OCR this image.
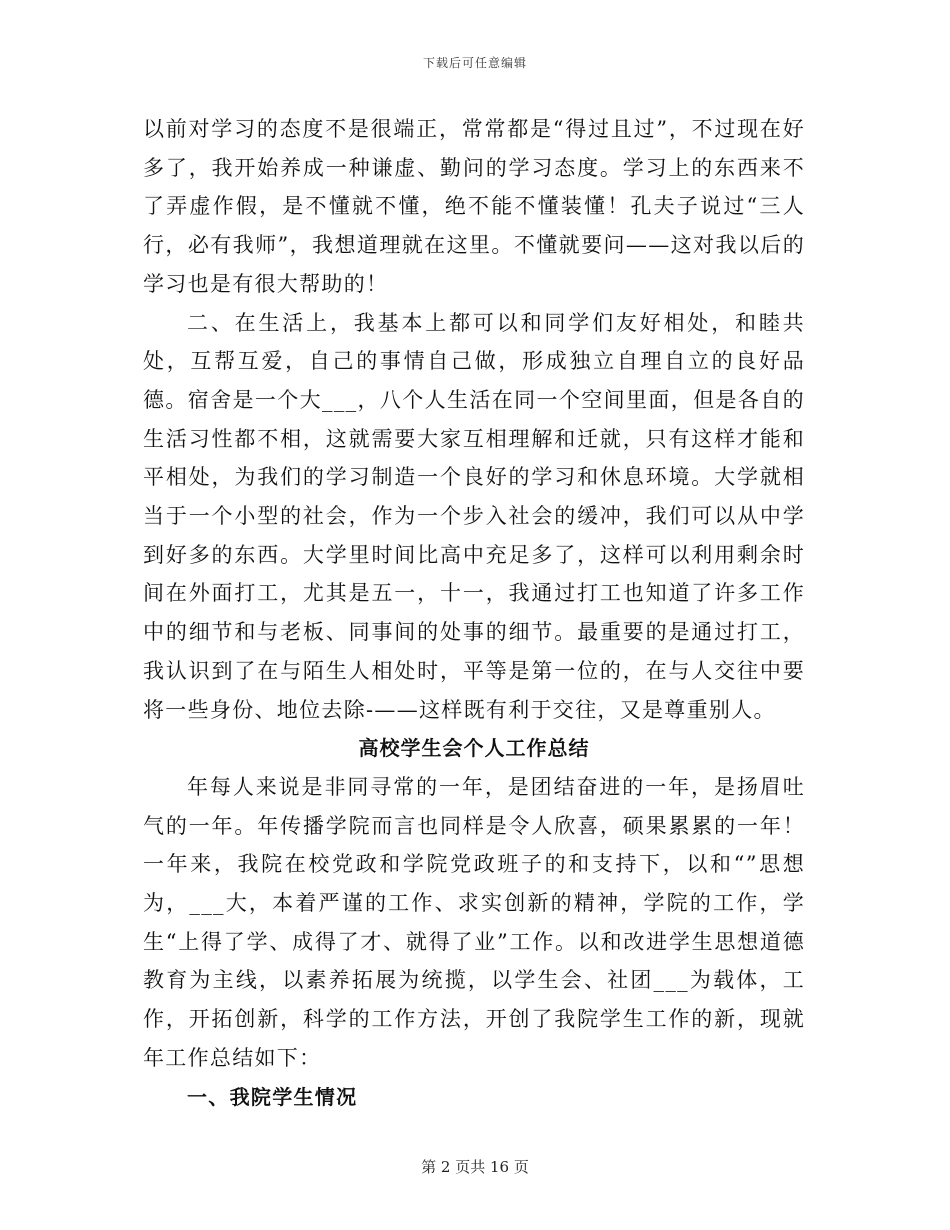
下载后可任意编辑

以前对学习的态度不是很端正，常常都是“得过且过”，不过现在好多了，我开始养成一种谦虚、勤问的学习态度。学习上的东西来不了弄虚作假，是不懂就不懂，绝不能不懂装懂！孔夫子说过“三人行，必有我师”，我想道理就在这里。不懂就要问——这对我以后的学习也是有很大帮助的！

二、在生活上，我基本上都可以和同学们友好相处，和睦共处，互帮互爱，自己的事情自己做，形成独立自理自立的良好品德。宿舍是一个大___，八个人生活在同一个空间里面，但是各自的生活习性都不相，这就需要大家互相理解和迁就，只有这样才能和平相处，为我们的学习制造一个良好的学习和休息环境。大学就相当于一个小型的社会，作为一个步入社会的缓冲，我们可以从中学到好多的东西。大学里时间比高中充足多了，这样可以利用剩余时间在外面打工，尤其是五一，十一，我通过打工也知道了许多工作中的细节和与老板、同事间的处事的细节。最重要的是通过打工，我认识到了在与陌生人相处时，平等是第一位的，在与人交往中要将一些身份、地位去除-——这样既有利于交往，又是尊重别人。

高校学生会个人工作总结

年每人来说是非同寻常的一年，是团结奋进的一年，是扬眉吐气的一年。年传播学院而言也同样是令人欣喜，硕果累累的一年！一年来，我院在校党政和学院党政班子的和支持下，以和“”思想为，___大，本着严谨的工作、求实创新的精神，学院的工作，学生“上得了学、成得了才、就得了业”工作。以和改进学生思想道德教育为主线，以素养拓展为统揽，以学生会、社团___为载体，工作，开拓创新，科学的工作方法，开创了我院学生工作的新，现就年工作总结如下：

一、我院学生情况

第 2 页共 16 页
